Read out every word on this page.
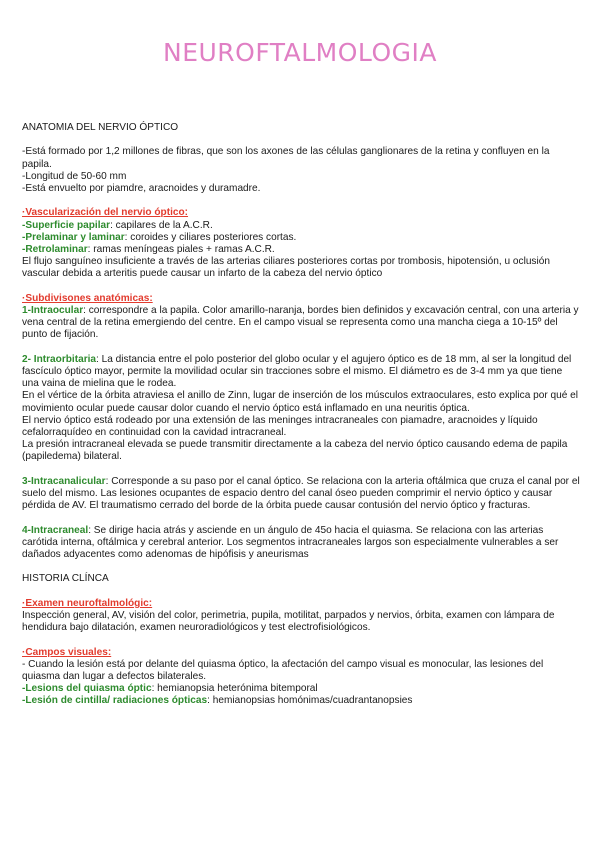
NEUROFTALMOLOGIA

ANATOMIA DEL NERVIO ÓPTICO

-Está formado por 1,2 millones de fibras, que son los axones de las células ganglionares de la retina y confluyen en la papila.

-Longitud de 50-60 mm

-Está envuelto por piamdre, aracnoides y duramadre.

·Vascularización del nervio óptico:

-Superficie papilar: capilares de la A.C.R.

-Prelaminar y laminar: coroides y ciliares posteriores cortas.

-Retrolaminar: ramas meníngeas piales + ramas A.C.R.

El flujo sanguíneo insuficiente a través de las arterias ciliares posteriores cortas por trombosis, hipotensión, u oclusión vascular debida a arteritis puede causar un infarto de la cabeza del nervio óptico

·Subdivisones anatómicas:

1-Intraocular: correspondre a la papila. Color amarillo-naranja, bordes bien definidos y excavación central, con una arteria y vena central de la retina emergiendo del centre. En el campo visual se representa como una mancha ciega a 10-15º del punto de fijación.

2- Intraorbitaria: La distancia entre el polo posterior del globo ocular y el agujero óptico es de 18 mm, al ser la longitud del fascículo óptico mayor, permite la movilidad ocular sin tracciones sobre el mismo. El diámetro es de 3-4 mm ya que tiene una vaina de mielina que le rodea.

En el vértice de la órbita atraviesa el anillo de Zinn, lugar de inserción de los músculos extraoculares, esto explica por qué el movimiento ocular puede causar dolor cuando el nervio óptico está inflamado en una neuritis óptica.

El nervio óptico está rodeado por una extensión de las meninges intracraneales con piamadre, aracnoides y líquido cefalorraquídeo en continuidad con la cavidad intracraneal.

La presión intracraneal elevada se puede transmitir directamente a la cabeza del nervio óptico causando edema de papila (papiledema) bilateral.

3-Intracanalicular: Corresponde a su paso por el canal óptico. Se relaciona con la arteria oftálmica que cruza el canal por el suelo del mismo. Las lesiones ocupantes de espacio dentro del canal óseo pueden comprimir el nervio óptico y causar pérdida de AV. El traumatismo cerrado del borde de la órbita puede causar contusión del nervio óptico y fracturas.

4-Intracraneal: Se dirige hacia atrás y asciende en un ángulo de 45o hacia el quiasma. Se relaciona con las arterias carótida interna, oftálmica y cerebral anterior. Los segmentos intracraneales largos son especialmente vulnerables a ser dañados adyacentes como adenomas de hipófisis y aneurismas

HISTORIA CLÍNCA

·Examen neuroftalmológic:

Inspección general, AV, visión del color, perimetria, pupila, motilitat, parpados y nervios, órbita, examen con lámpara de hendidura bajo dilatación, examen neuroradiológicos y test electrofisiológicos.

·Campos visuales:

- Cuando la lesión está por delante del quiasma óptico, la afectación del campo visual es monocular, las lesiones del quiasma dan lugar a defectos bilaterales.

-Lesions del quiasma óptic: hemianopsia heterónima bitemporal

-Lesión de cintilla/ radiaciones ópticas: hemianopsias homónimas/cuadrantanopsies
